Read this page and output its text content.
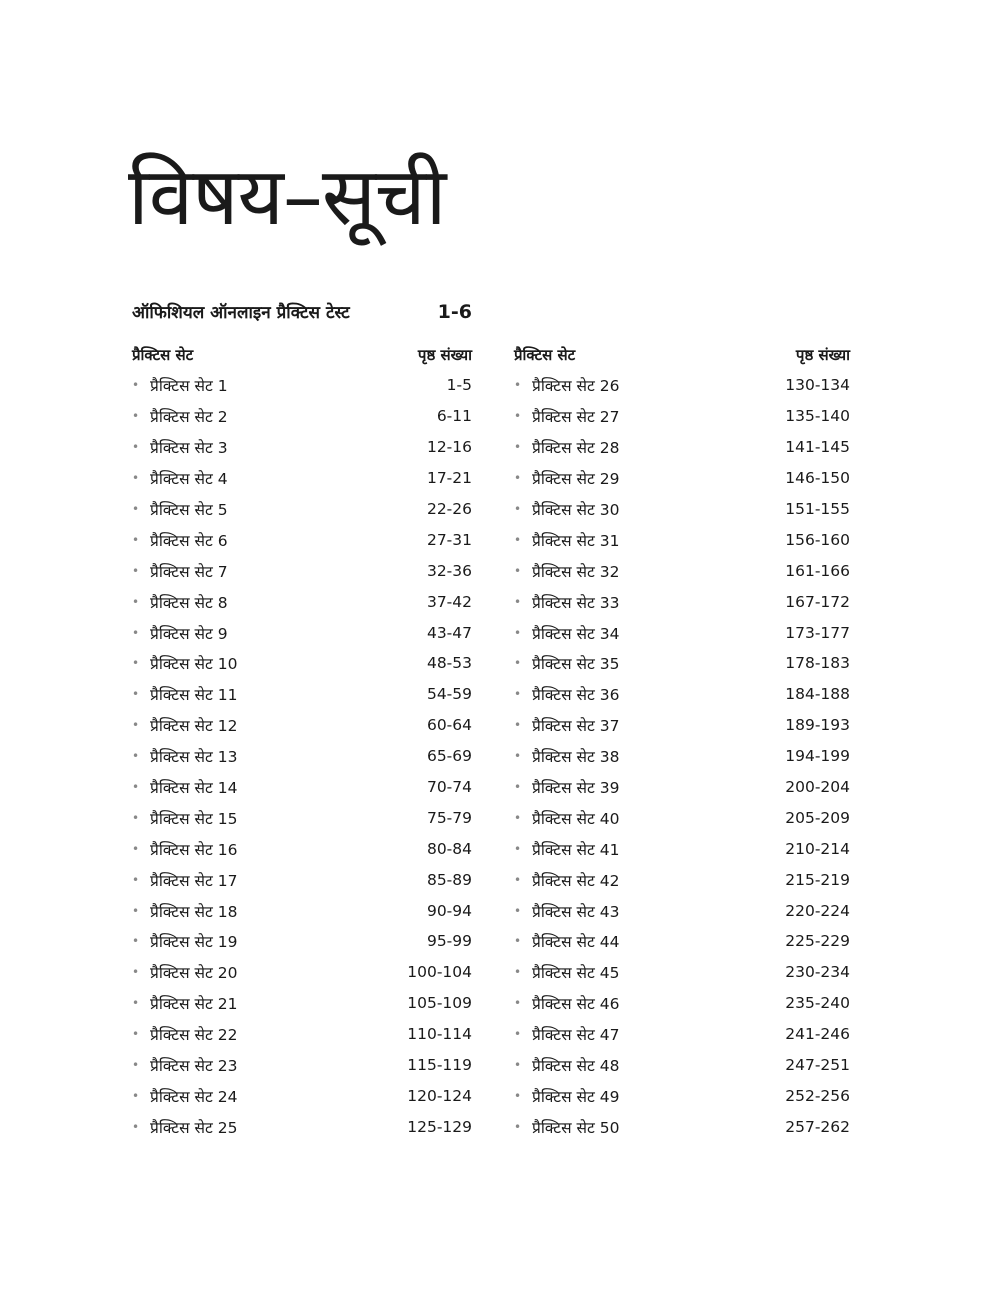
विषय–सूची
ऑफिशियल ऑनलाइन प्रैक्टिस टेस्ट	1-6
प्रैक्टिस सेट	पृष्ठ संख्या
• प्रैक्टिस सेट 1	1-5
• प्रैक्टिस सेट 2	6-11
• प्रैक्टिस सेट 3	12-16
• प्रैक्टिस सेट 4	17-21
• प्रैक्टिस सेट 5	22-26
• प्रैक्टिस सेट 6	27-31
• प्रैक्टिस सेट 7	32-36
• प्रैक्टिस सेट 8	37-42
• प्रैक्टिस सेट 9	43-47
• प्रैक्टिस सेट 10	48-53
• प्रैक्टिस सेट 11	54-59
• प्रैक्टिस सेट 12	60-64
• प्रैक्टिस सेट 13	65-69
• प्रैक्टिस सेट 14	70-74
• प्रैक्टिस सेट 15	75-79
• प्रैक्टिस सेट 16	80-84
• प्रैक्टिस सेट 17	85-89
• प्रैक्टिस सेट 18	90-94
• प्रैक्टिस सेट 19	95-99
• प्रैक्टिस सेट 20	100-104
• प्रैक्टिस सेट 21	105-109
• प्रैक्टिस सेट 22	110-114
• प्रैक्टिस सेट 23	115-119
• प्रैक्टिस सेट 24	120-124
• प्रैक्टिस सेट 25	125-129
प्रैक्टिस सेट	पृष्ठ संख्या
• प्रैक्टिस सेट 26	130-134
• प्रैक्टिस सेट 27	135-140
• प्रैक्टिस सेट 28	141-145
• प्रैक्टिस सेट 29	146-150
• प्रैक्टिस सेट 30	151-155
• प्रैक्टिस सेट 31	156-160
• प्रैक्टिस सेट 32	161-166
• प्रैक्टिस सेट 33	167-172
• प्रैक्टिस सेट 34	173-177
• प्रैक्टिस सेट 35	178-183
• प्रैक्टिस सेट 36	184-188
• प्रैक्टिस सेट 37	189-193
• प्रैक्टिस सेट 38	194-199
• प्रैक्टिस सेट 39	200-204
• प्रैक्टिस सेट 40	205-209
• प्रैक्टिस सेट 41	210-214
• प्रैक्टिस सेट 42	215-219
• प्रैक्टिस सेट 43	220-224
• प्रैक्टिस सेट 44	225-229
• प्रैक्टिस सेट 45	230-234
• प्रैक्टिस सेट 46	235-240
• प्रैक्टिस सेट 47	241-246
• प्रैक्टिस सेट 48	247-251
• प्रैक्टिस सेट 49	252-256
• प्रैक्टिस सेट 50	257-262
